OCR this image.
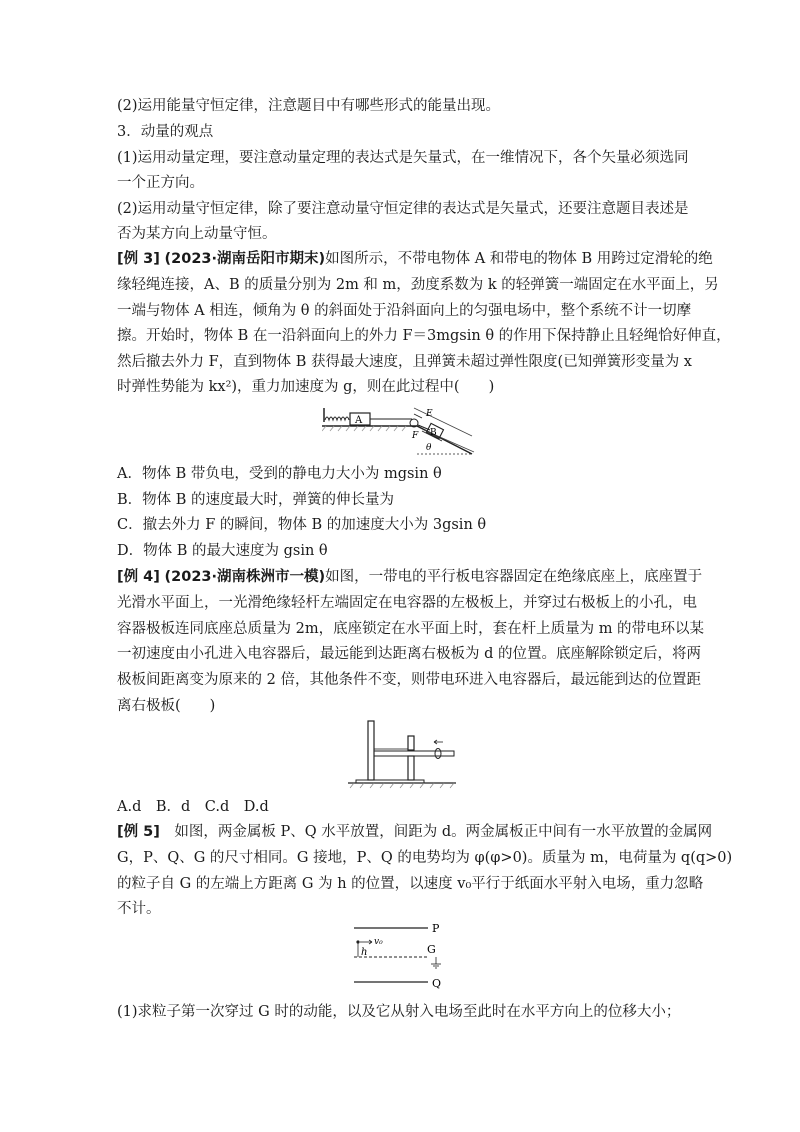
(2)运用能量守恒定律，注意题目中有哪些形式的能量出现。
3．动量的观点
(1)运用动量定理，要注意动量定理的表达式是矢量式，在一维情况下，各个矢量必须选同
一个正方向。
(2)运用动量守恒定律，除了要注意动量守恒定律的表达式是矢量式，还要注意题目表述是
否为某方向上动量守恒。
[例 3] (2023·湖南岳阳市期末)如图所示，不带电物体 A 和带电的物体 B 用跨过定滑轮的绝
缘轻绳连接，A、B 的质量分别为 2m 和 m，劲度系数为 k 的轻弹簧一端固定在水平面上，另
一端与物体 A 相连，倾角为 θ 的斜面处于沿斜面向上的匀强电场中，整个系统不计一切摩
擦。开始时，物体 B 在一沿斜面向上的外力 F＝3mgsin θ 的作用下保持静止且轻绳恰好伸直，
然后撤去外力 F，直到物体 B 获得最大速度，且弹簧未超过弹性限度(已知弹簧形变量为 x
时弹性势能为 kx²)，重力加速度为 g，则在此过程中(　　)
A
B
E
F
θ
A．物体 B 带负电，受到的静电力大小为 mgsin θ
B．物体 B 的速度最大时，弹簧的伸长量为
C．撤去外力 F 的瞬间，物体 B 的加速度大小为 3gsin θ
D．物体 B 的最大速度为 gsin θ
[例 4] (2023·湖南株洲市一模)如图，一带电的平行板电容器固定在绝缘底座上，底座置于
光滑水平面上，一光滑绝缘轻杆左端固定在电容器的左极板上，并穿过右极板上的小孔，电
容器极板连同底座总质量为 2m，底座锁定在水平面上时，套在杆上质量为 m 的带电环以某
一初速度由小孔进入电容器后，最远能到达距离右极板为 d 的位置。底座解除锁定后，将两
极板间距离变为原来的 2 倍，其他条件不变，则带电环进入电容器后，最远能到达的位置距
离右极板(　　)
A.d　B．d　C.d　D.d
[例 5]　如图，两金属板 P、Q 水平放置，间距为 d。两金属板正中间有一水平放置的金属网
G，P、Q、G 的尺寸相同。G 接地，P、Q 的电势均为 φ(φ>0)。质量为 m，电荷量为 q(q>0)
的粒子自 G 的左端上方距离 G 为 h 的位置，以速度 v₀平行于纸面水平射入电场，重力忽略
不计。
P
G
Q
v₀
h
(1)求粒子第一次穿过 G 时的动能，以及它从射入电场至此时在水平方向上的位移大小；
